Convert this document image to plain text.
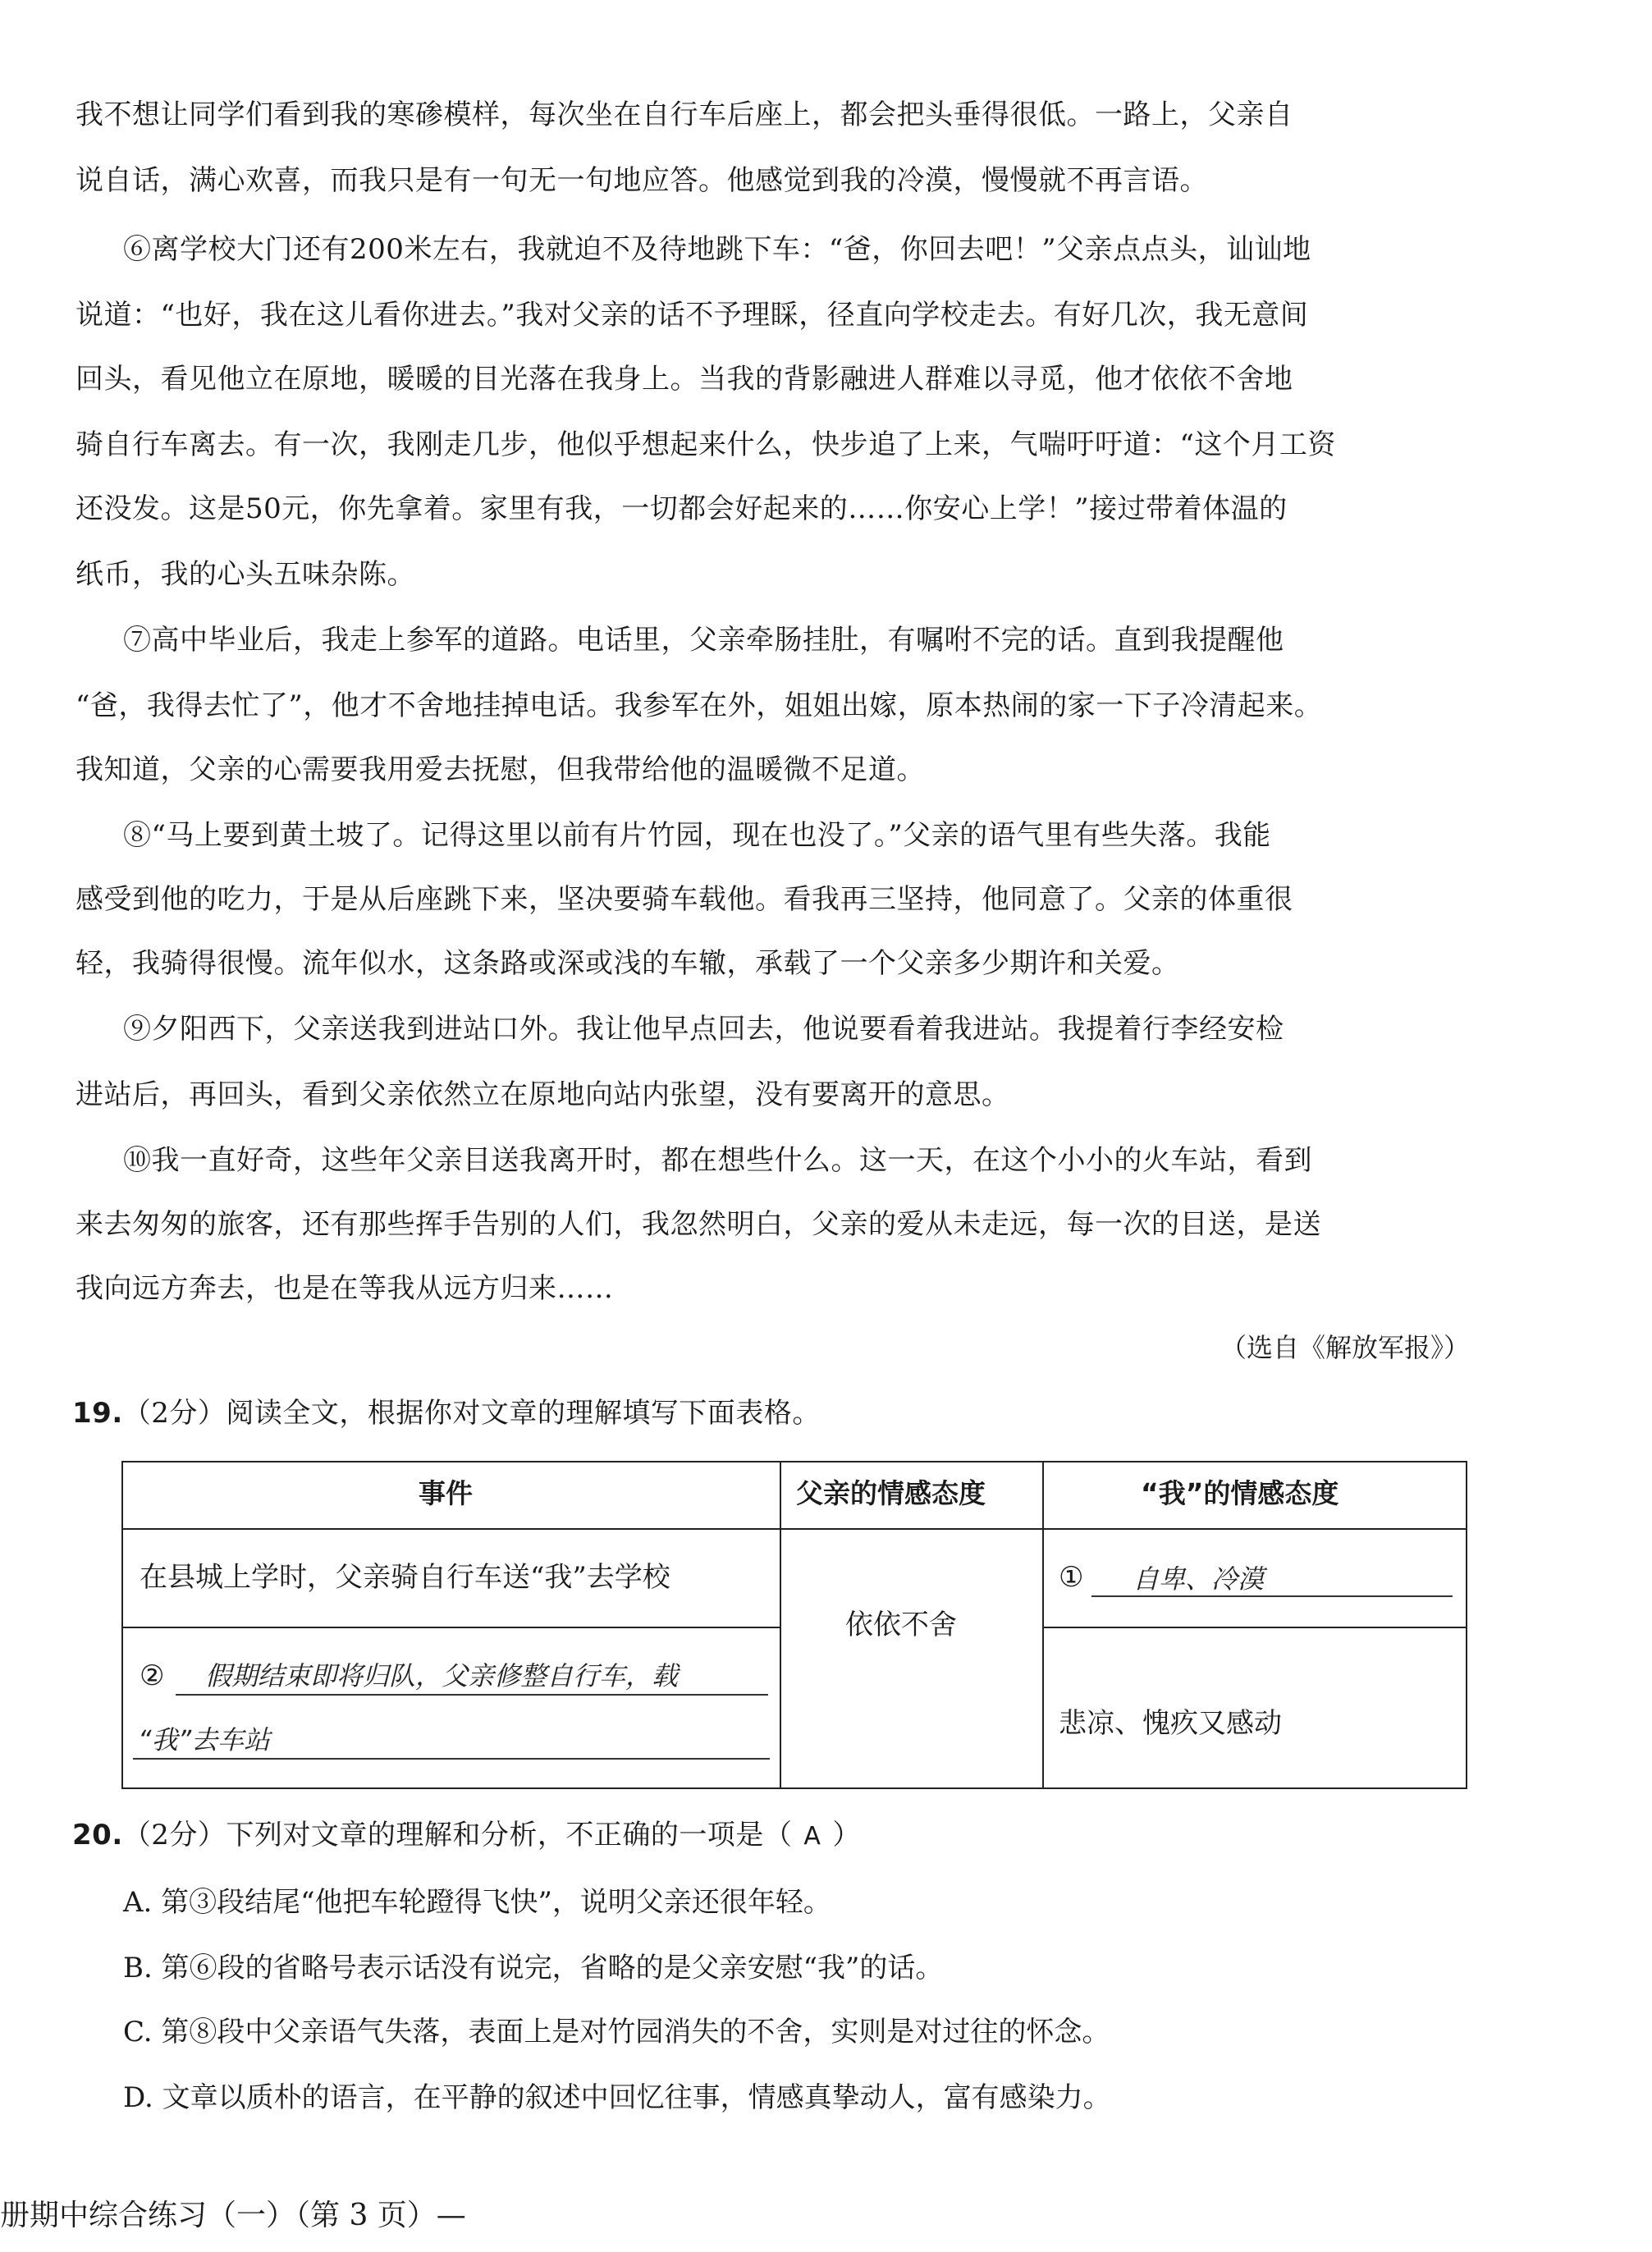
我不想让同学们看到我的寒碜模样，每次坐在自行车后座上，都会把头垂得很低。一路上，父亲自
说自话，满心欢喜，而我只是有一句无一句地应答。他感觉到我的冷漠，慢慢就不再言语。
⑥离学校大门还有200米左右，我就迫不及待地跳下车：“爸，你回去吧！”父亲点点头，讪讪地
说道：“也好，我在这儿看你进去。”我对父亲的话不予理睬，径直向学校走去。有好几次，我无意间
回头，看见他立在原地，暖暖的目光落在我身上。当我的背影融进人群难以寻觅，他才依依不舍地
骑自行车离去。有一次，我刚走几步，他似乎想起来什么，快步追了上来，气喘吁吁道：“这个月工资
还没发。这是50元，你先拿着。家里有我，一切都会好起来的……你安心上学！”接过带着体温的
纸币，我的心头五味杂陈。
⑦高中毕业后，我走上参军的道路。电话里，父亲牵肠挂肚，有嘱咐不完的话。直到我提醒他
“爸，我得去忙了”，他才不舍地挂掉电话。我参军在外，姐姐出嫁，原本热闹的家一下子冷清起来。
我知道，父亲的心需要我用爱去抚慰，但我带给他的温暖微不足道。
⑧“马上要到黄土坡了。记得这里以前有片竹园，现在也没了。”父亲的语气里有些失落。我能
感受到他的吃力，于是从后座跳下来，坚决要骑车载他。看我再三坚持，他同意了。父亲的体重很
轻，我骑得很慢。流年似水，这条路或深或浅的车辙，承载了一个父亲多少期许和关爱。
⑨夕阳西下，父亲送我到进站口外。我让他早点回去，他说要看着我进站。我提着行李经安检
进站后，再回头，看到父亲依然立在原地向站内张望，没有要离开的意思。
⑩我一直好奇，这些年父亲目送我离开时，都在想些什么。这一天，在这个小小的火车站，看到
来去匆匆的旅客，还有那些挥手告别的人们，我忽然明白，父亲的爱从未走远，每一次的目送，是送
我向远方奔去，也是在等我从远方归来……
（选自《解放军报》）
19.（2分）阅读全文，根据你对文章的理解填写下面表格。
事件	父亲的情感态度	“我”的情感态度
在县城上学时，父亲骑自行车送“我”去学校
② 假期结束即将归队，父亲修整自行车，载
“我”去车站
依依不舍
① 自卑、冷漠
悲凉、愧疚又感动
20.（2分）下列对文章的理解和分析，不正确的一项是（ A ）
A. 第③段结尾“他把车轮蹬得飞快”，说明父亲还很年轻。
B. 第⑥段的省略号表示话没有说完，省略的是父亲安慰“我”的话。
C. 第⑧段中父亲语气失落，表面上是对竹园消失的不舍，实则是对过往的怀念。
D. 文章以质朴的语言，在平静的叙述中回忆往事，情感真挚动人，富有感染力。
册期中综合练习（一）（第 3 页）—
